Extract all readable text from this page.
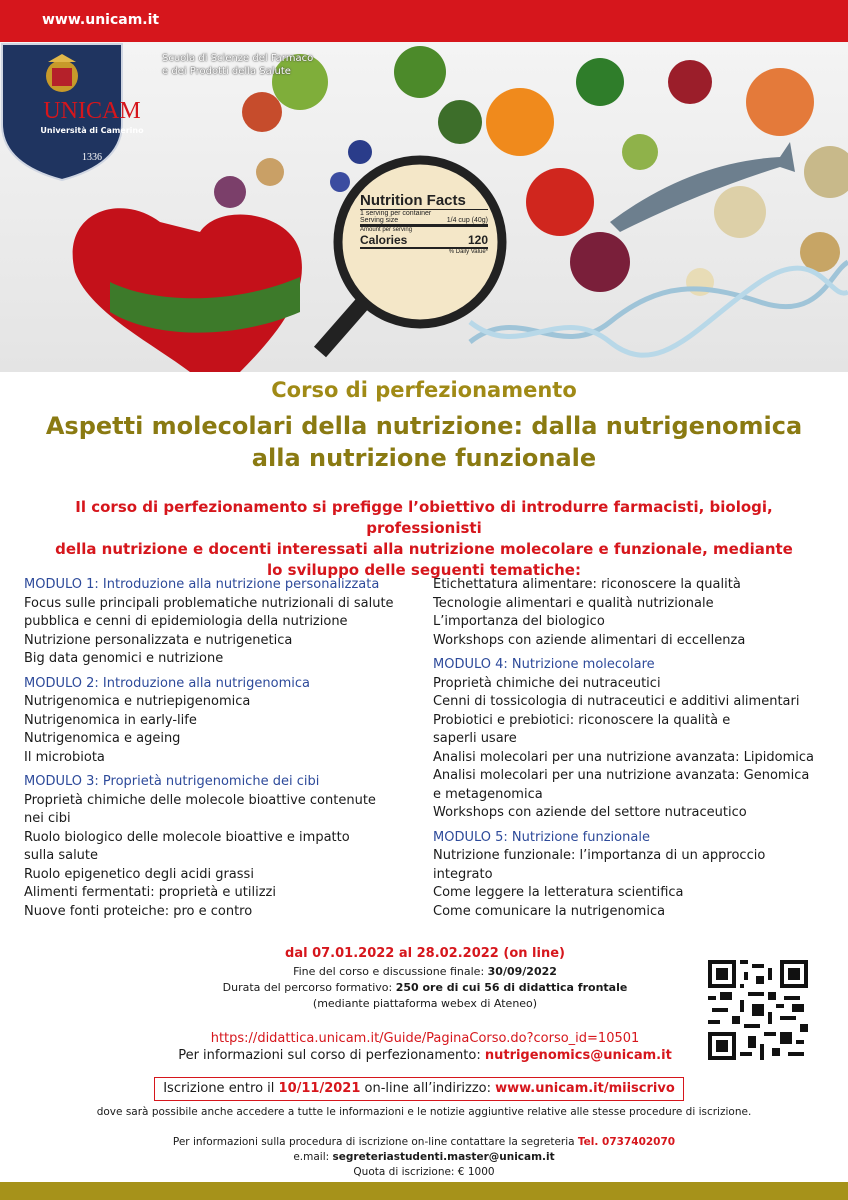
www.unicam.it
Nutrition Facts
1 serving per container
Serving size	1/4 cup (40g)
Amount per serving
Calories	120
% Daily Value*
UNICAM
Università di Camerino
1336
Scuola di Scienze del Farmaco
e dei Prodotti della Salute
Corso di perfezionamento
Aspetti molecolari della nutrizione: dalla nutrigenomica
alla nutrizione funzionale
Il corso di perfezionamento si prefigge l’obiettivo di introdurre farmacisti, biologi, professionisti
della nutrizione e docenti interessati alla nutrizione molecolare e funzionale, mediante
lo sviluppo delle seguenti tematiche:
MODULO 1: Introduzione alla nutrizione personalizzata
Focus sulle principali problematiche nutrizionali di salute
pubblica e cenni di epidemiologia della nutrizione
Nutrizione personalizzata e nutrigenetica
Big data genomici e nutrizione
MODULO 2: Introduzione alla nutrigenomica
Nutrigenomica e nutriepigenomica
Nutrigenomica in early-life
Nutrigenomica e ageing
Il microbiota
MODULO 3: Proprietà nutrigenomiche dei cibi
Proprietà chimiche delle molecole bioattive contenute
nei cibi
Ruolo biologico delle molecole bioattive e impatto
sulla salute
Ruolo epigenetico degli acidi grassi
Alimenti fermentati: proprietà e utilizzi
Nuove fonti proteiche: pro e contro
Etichettatura alimentare: riconoscere la qualità
Tecnologie alimentari e qualità nutrizionale
L’importanza del biologico
Workshops con aziende alimentari di eccellenza
MODULO 4: Nutrizione molecolare
Proprietà chimiche dei nutraceutici
Cenni di tossicologia di nutraceutici e additivi alimentari
Probiotici e prebiotici: riconoscere la qualità e
saperli usare
Analisi molecolari per una nutrizione avanzata: Lipidomica
Analisi molecolari per una nutrizione avanzata: Genomica
e metagenomica
Workshops con aziende del settore nutraceutico
MODULO 5: Nutrizione funzionale
Nutrizione funzionale: l’importanza di un approccio
integrato
Come leggere la letteratura scientifica
Come comunicare la nutrigenomica
dal 07.01.2022 al 28.02.2022 (on line)
Fine del corso e discussione finale: 30/09/2022
Durata del percorso formativo: 250 ore di cui 56 di didattica frontale
(mediante piattaforma webex di Ateneo)
https://didattica.unicam.it/Guide/PaginaCorso.do?corso_id=10501
Per informazioni sul corso di perfezionamento: nutrigenomics@unicam.it
Iscrizione entro il 10/11/2021 on-line all’indirizzo: www.unicam.it/miiscrivo
dove sarà possibile anche accedere a tutte le informazioni e le notizie aggiuntive relative alle stesse procedure di iscrizione.
Per informazioni sulla procedura di iscrizione on-line contattare la segreteria Tel. 0737402070
e.mail: segreteriastudenti.master@unicam.it
Quota di iscrizione: € 1000
